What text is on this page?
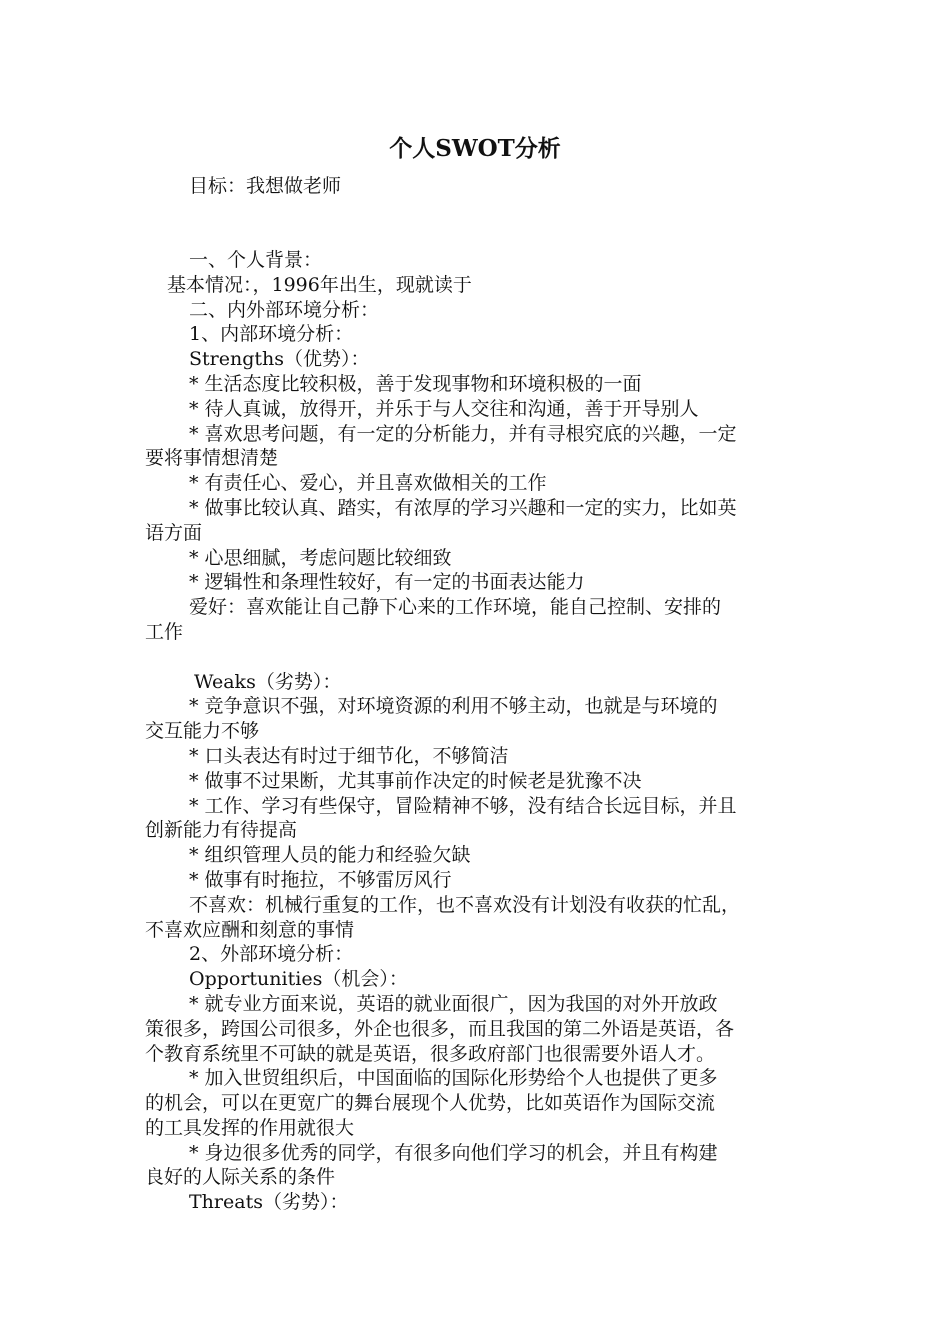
个人SWOT分析
目标：我想做老师

一、个人背景：

基本情况：，1996年出生，现就读于

二、内外部环境分析：

1、内部环境分析：

Strengths（优势）：

* 生活态度比较积极，善于发现事物和环境积极的一面

* 待人真诚，放得开，并乐于与人交往和沟通，善于开导别人

* 喜欢思考问题，有一定的分析能力，并有寻根究底的兴趣，一定

要将事情想清楚

* 有责任心、爱心，并且喜欢做相关的工作

* 做事比较认真、踏实，有浓厚的学习兴趣和一定的实力，比如英

语方面

* 心思细腻，考虑问题比较细致

* 逻辑性和条理性较好，有一定的书面表达能力

爱好：喜欢能让自己静下心来的工作环境，能自己控制、安排的

工作

Weaks（劣势）：

* 竞争意识不强，对环境资源的利用不够主动，也就是与环境的

交互能力不够

* 口头表达有时过于细节化，不够简洁

* 做事不过果断，尤其事前作决定的时候老是犹豫不决

* 工作、学习有些保守，冒险精神不够，没有结合长远目标，并且

创新能力有待提高

* 组织管理人员的能力和经验欠缺

* 做事有时拖拉，不够雷厉风行

不喜欢：机械行重复的工作，也不喜欢没有计划没有收获的忙乱，

不喜欢应酬和刻意的事情

2、外部环境分析：

Opportunities（机会）：

* 就专业方面来说，英语的就业面很广，因为我国的对外开放政

策很多，跨国公司很多，外企也很多，而且我国的第二外语是英语，各

个教育系统里不可缺的就是英语，很多政府部门也很需要外语人才。

* 加入世贸组织后，中国面临的国际化形势给个人也提供了更多

的机会，可以在更宽广的舞台展现个人优势，比如英语作为国际交流

的工具发挥的作用就很大

* 身边很多优秀的同学，有很多向他们学习的机会，并且有构建

良好的人际关系的条件

Threats（劣势）：
